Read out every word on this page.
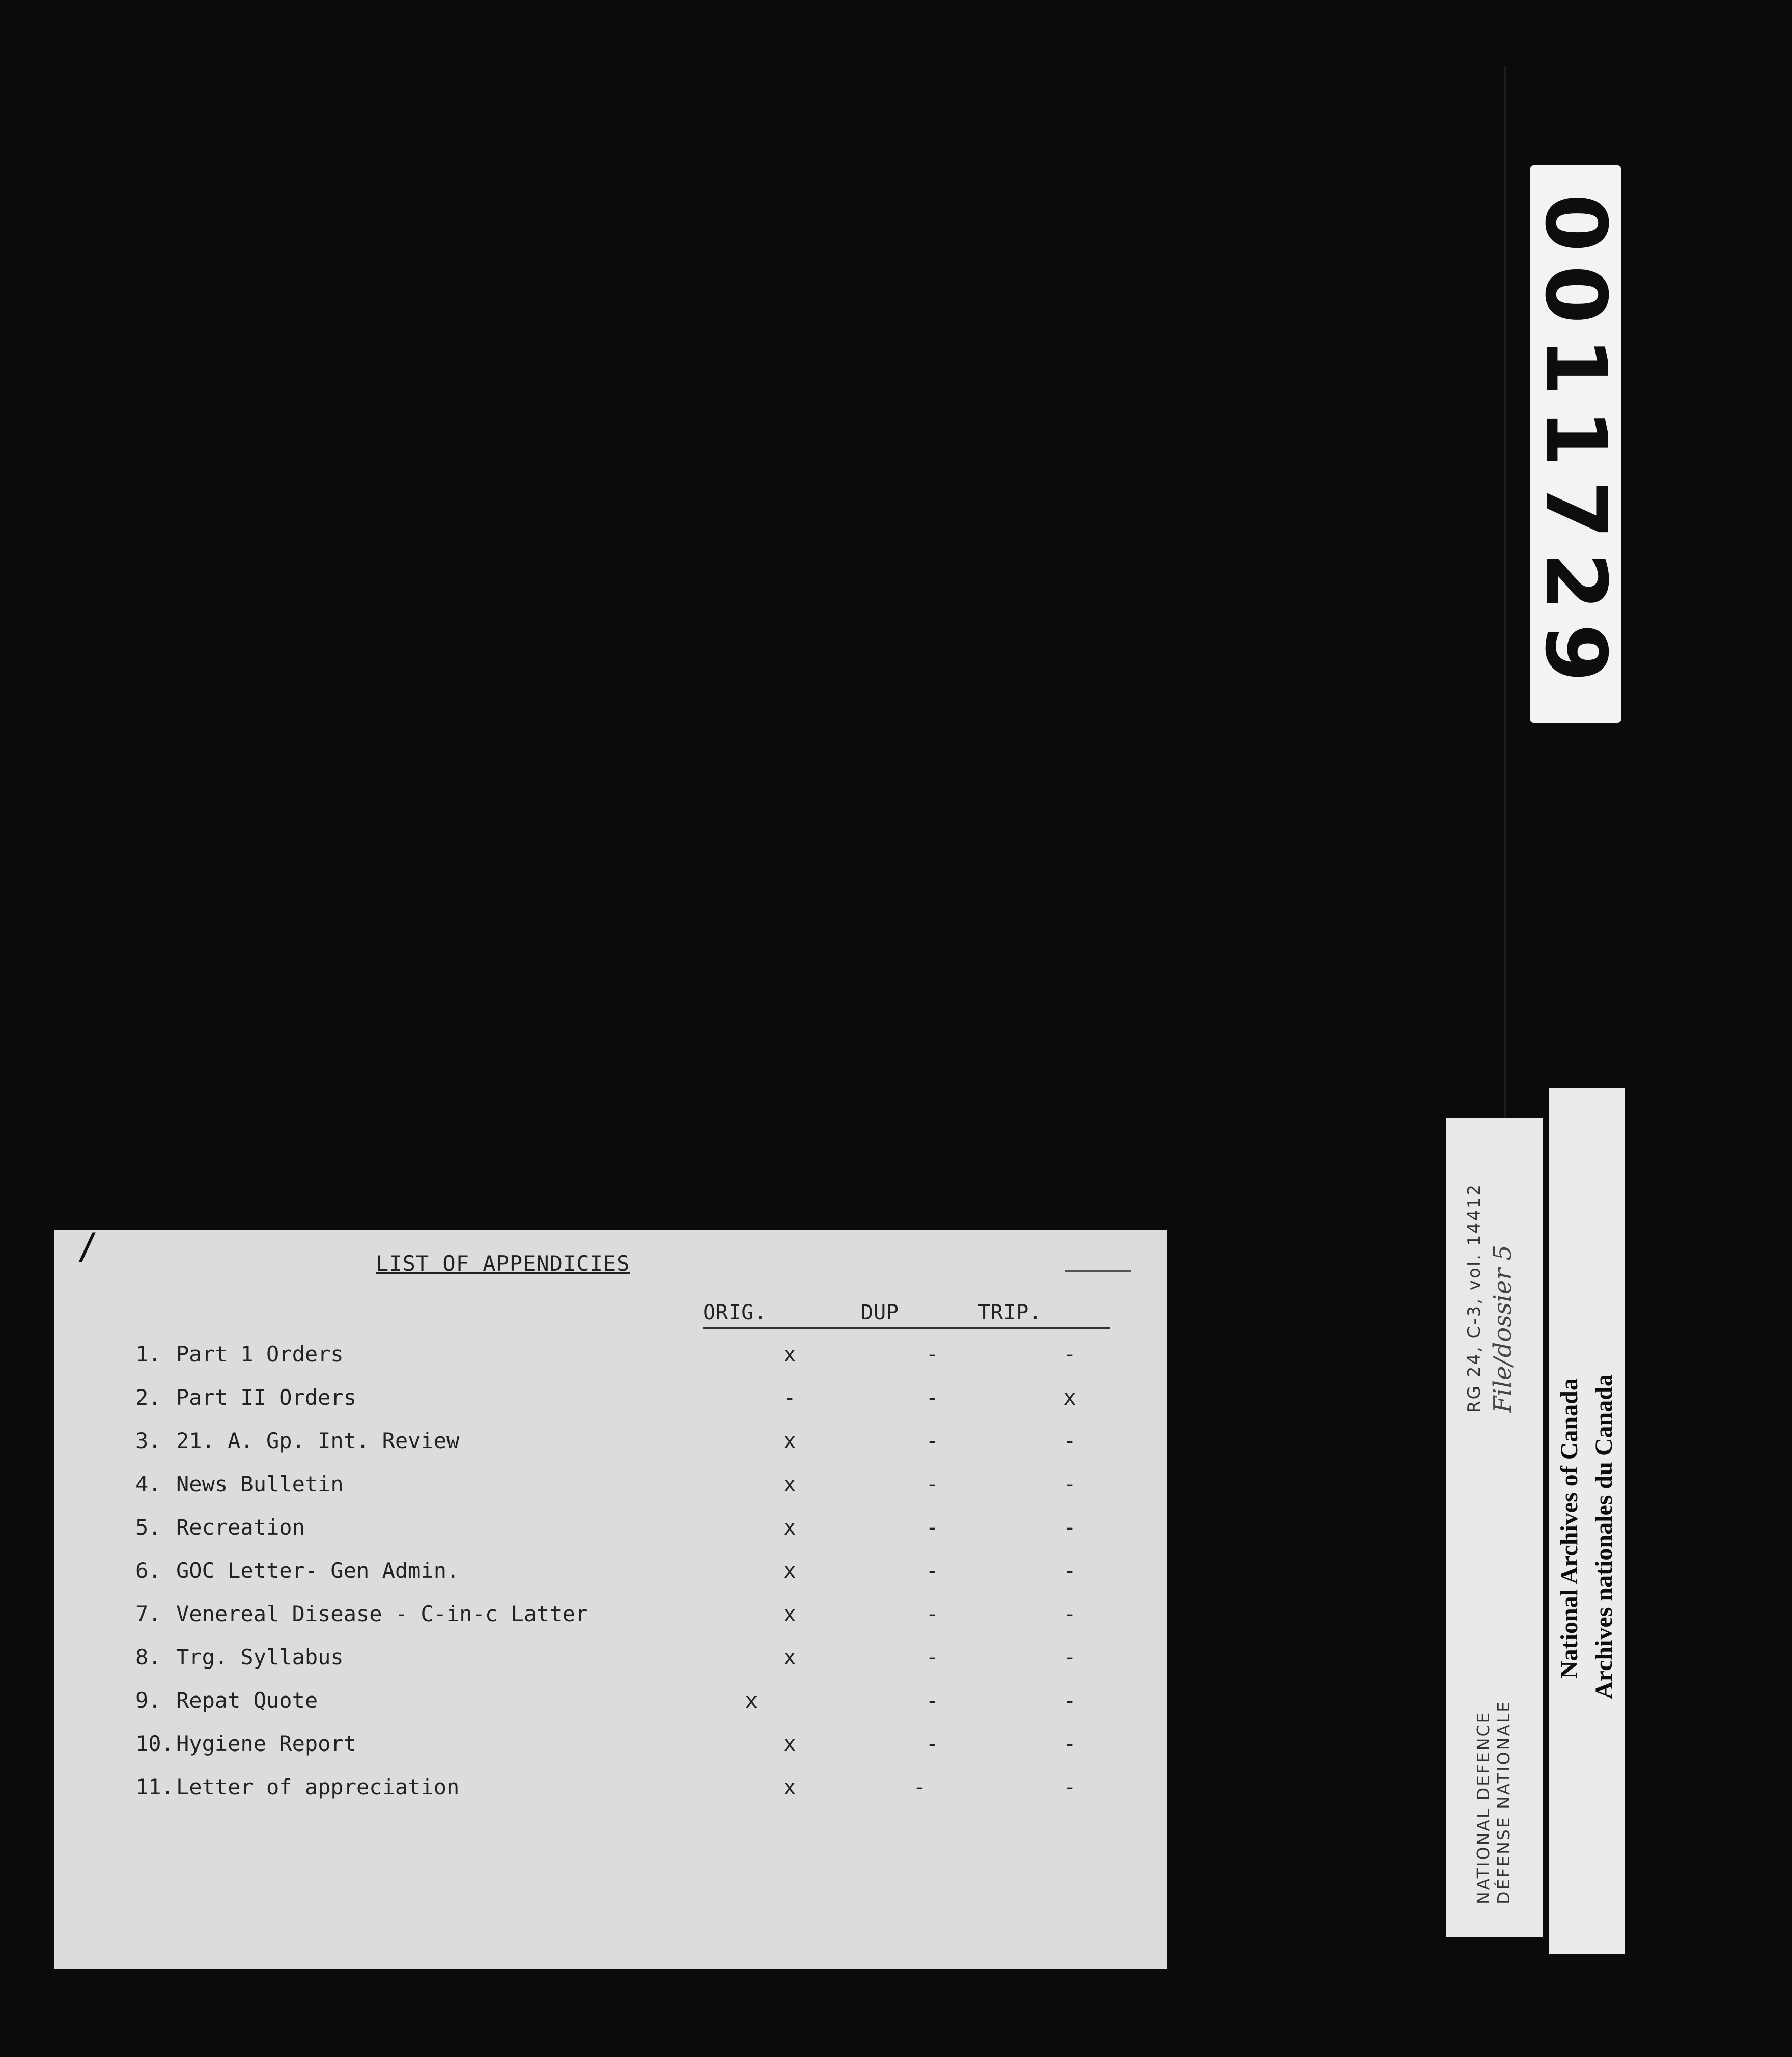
0011729
RG 24, C-3, vol. 14412 File/dossier 5
NATIONAL DEFENCE DÉFENSE NATIONALE
National Archives of Canada Archives nationales du Canada
/	LIST OF APPENDICIES
ORIG.	DUP	TRIP.
1. Part 1 Orders	x	-	-
2. Part II Orders	-	-	x
3. 21. A. Gp. Int. Review	x	-	-
4. News Bulletin	x	-	-
5. Recreation	x	-	-
6. GOC Letter- Gen Admin.	x	-	-
7. Venereal Disease - C-in-c Latter	x	-	-
8. Trg. Syllabus	x	-	-
9. Repat Quote	x	-	-
10. Hygiene Report	x	-	-
11. Letter of appreciation	x	-	-
